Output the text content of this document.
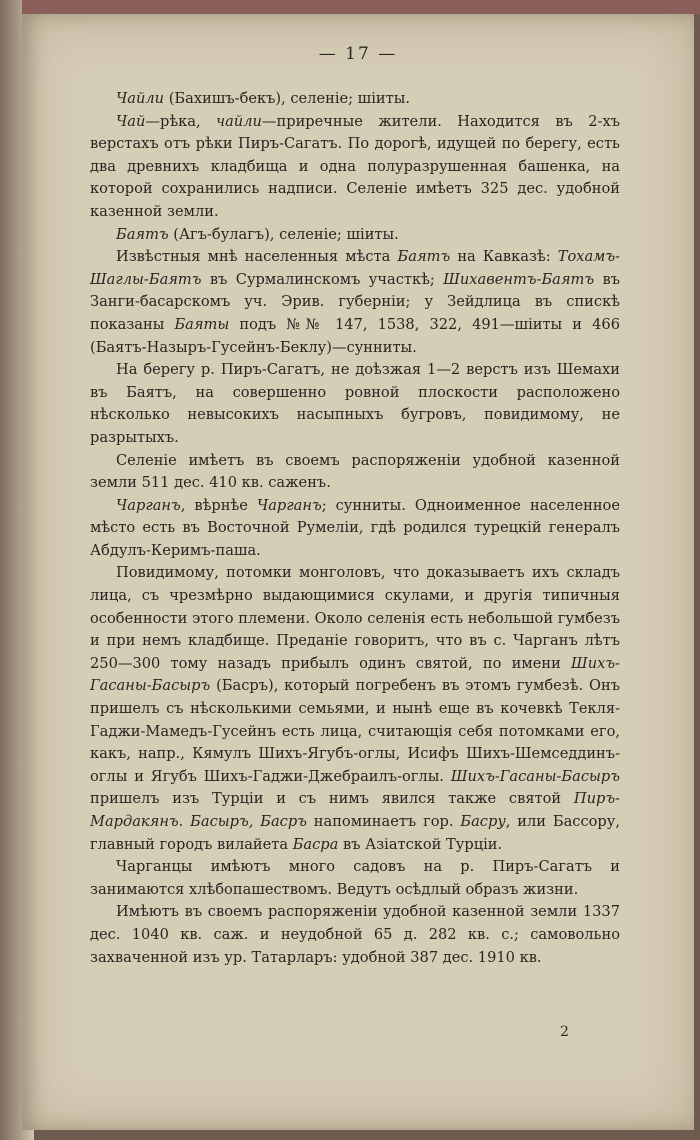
— 17 —

Чайли (Бахишъ-бекъ), селеніе; шіиты.

Чай—рѣка, чайли—приречные жители. Находится въ 2-хъ верстахъ отъ рѣки Пиръ-Сагатъ. По дорогѣ, идущей по берегу, есть два древнихъ кладбища и одна полуразрушенная башенка, на которой сохранились надписи. Селеніе имѣетъ 325 дес. удобной казенной земли.

Баятъ (Агъ-булагъ), селеніе; шіиты.

Извѣстныя мнѣ населенныя мѣста Баятъ на Кавказѣ: Тохамъ-Шаглы-Баятъ въ Сурмалинскомъ участкѣ; Шихавентъ-Баятъ въ Занги-басарскомъ уч. Эрив. губерніи; у Зейдлица въ спискѣ показаны Баяты подъ №№ 147, 1538, 322, 491—шіиты и 466 (Баятъ-Назыръ-Гусейнъ-Беклу)—сунниты.

На берегу р. Пиръ-Сагатъ, не доѣзжая 1—2 верстъ изъ Шемахи въ Баятъ, на совершенно ровной плоскости расположено нѣсколько невысокихъ насыпныхъ бугровъ, повидимому, не разрытыхъ.

Селеніе имѣетъ въ своемъ распоряженіи удобной казенной земли 511 дес. 410 кв. саженъ.

Чарганъ, вѣрнѣе Чарганъ; сунниты. Одноименное населенное мѣсто есть въ Восточной Румеліи, гдѣ родился турецкій генералъ Абдулъ-Керимъ-паша.

Повидимому, потомки монголовъ, что доказываетъ ихъ складъ лица, съ чрезмѣрно выдающимися скулами, и другія типичныя особенности этого племени. Около селенія есть небольшой гумбезъ и при немъ кладбище. Преданіе говоритъ, что въ с. Чарганъ лѣтъ 250—300 тому назадъ прибылъ одинъ святой, по имени Шихъ-Гасаны-Басыръ (Басръ), который погребенъ въ этомъ гумбезѣ. Онъ пришелъ съ нѣсколькими семьями, и нынѣ еще въ кочевкѣ Текля-Гаджи-Мамедъ-Гусейнъ есть лица, считающія себя потомками его, какъ, напр., Кямулъ Шихъ-Ягубъ-оглы, Исифъ Шихъ-Шемседдинъ-оглы и Ягубъ Шихъ-Гаджи-Джебраилъ-оглы. Шихъ-Гасаны-Басыръ пришелъ изъ Турціи и съ нимъ явился также святой Пиръ-Мардакянъ. Басыръ, Басръ напоминаетъ гор. Басру, или Бассору, главный городъ вилайета Басра въ Азіатской Турціи.

Чарганцы имѣютъ много садовъ на р. Пиръ-Сагатъ и занимаются хлѣбопашествомъ. Ведутъ осѣдлый образъ жизни.

Имѣютъ въ своемъ распоряженіи удобной казенной земли 1337 дес. 1040 кв. саж. и неудобной 65 д. 282 кв. с.; самовольно захваченной изъ ур. Татарларъ: удобной 387 дес. 1910 кв.

2
